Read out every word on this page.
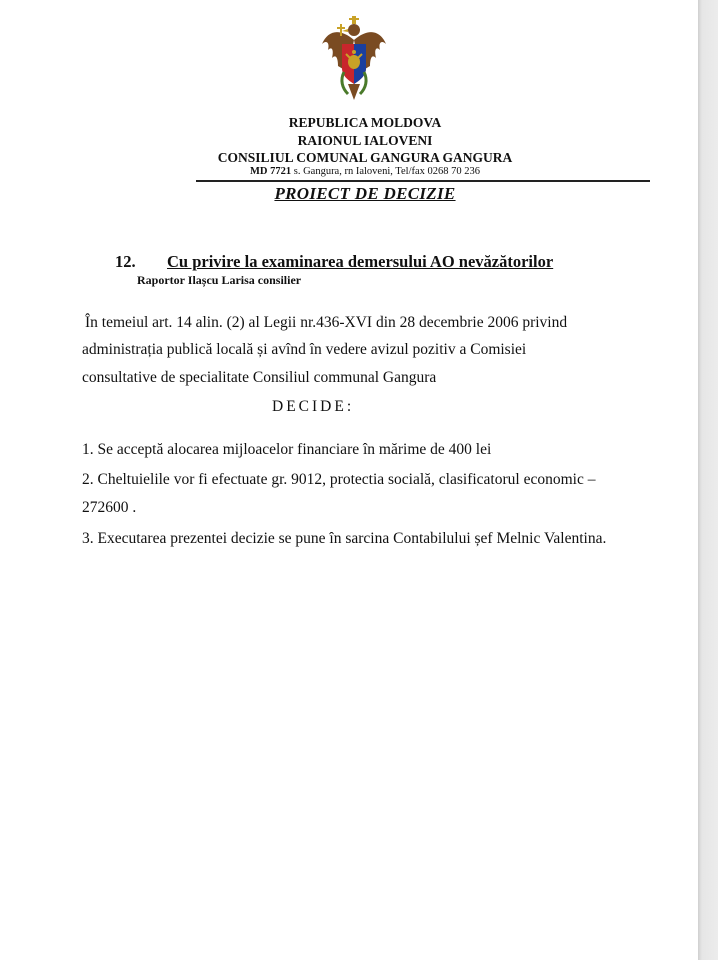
REPUBLICA MOLDOVA
RAIONUL IALOVENI
CONSILIUL COMUNAL GANGURA GANGURA
MD 7721 s. Gangura, rn Ialoveni, Tel/fax 0268 70 236
PROIECT DE DECIZIE
12. Cu privire la examinarea demersului AO nevăzătorilor
Raportor Ilașcu Larisa consilier
În temeiul art. 14 alin. (2) al Legii nr.436-XVI din 28 decembrie 2006 privind
administrația publică locală și avînd în vedere avizul pozitiv a Comisiei
consultative de specialitate Consiliul communal Gangura
DECIDE:
1. Se acceptă alocarea mijloacelor financiare în mărime de 400 lei
2. Cheltuielile vor fi efectuate gr. 9012, protectia socială, clasificatorul economic –
272600 .
3. Executarea prezentei decizie se pune în sarcina Contabilului șef Melnic Valentina.
